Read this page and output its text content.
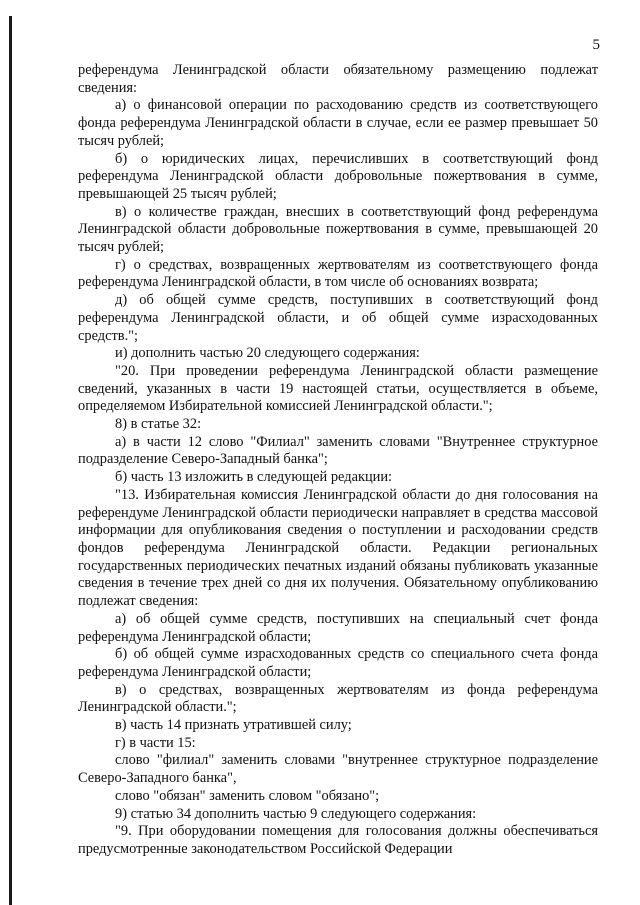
5

референдума Ленинградской области обязательному размещению подлежат сведения:

а) о финансовой операции по расходованию средств из соответствующего фонда референдума Ленинградской области в случае, если ее размер превышает 50 тысяч рублей;

б) о юридических лицах, перечисливших в соответствующий фонд референдума Ленинградской области добровольные пожертвования в сумме, превышающей 25 тысяч рублей;

в) о количестве граждан, внесших в соответствующий фонд референдума Ленинградской области добровольные пожертвования в сумме, превышающей 20 тысяч рублей;

г) о средствах, возвращенных жертвователям из соответствующего фонда референдума Ленинградской области, в том числе об основаниях возврата;

д) об общей сумме средств, поступивших в соответствующий фонд референдума Ленинградской области, и об общей сумме израсходованных средств.";

и) дополнить частью 20 следующего содержания:

"20. При проведении референдума Ленинградской области размещение сведений, указанных в части 19 настоящей статьи, осуществляется в объеме, определяемом Избирательной комиссией Ленинградской области.";

8) в статье 32:

а) в части 12 слово "Филиал" заменить словами "Внутреннее структурное подразделение Северо-Западный банка";

б) часть 13 изложить в следующей редакции:

"13. Избирательная комиссия Ленинградской области до дня голосования на референдуме Ленинградской области периодически направляет в средства массовой информации для опубликования сведения о поступлении и расходовании средств фондов референдума Ленинградской области. Редакции региональных государственных периодических печатных изданий обязаны публиковать указанные сведения в течение трех дней со дня их получения. Обязательному опубликованию подлежат сведения:

а) об общей сумме средств, поступивших на специальный счет фонда референдума Ленинградской области;

б) об общей сумме израсходованных средств со специального счета фонда референдума Ленинградской области;

в) о средствах, возвращенных жертвователям из фонда референдума Ленинградской области.";

в) часть 14 признать утратившей силу;

г) в части 15:

слово "филиал" заменить словами "внутреннее структурное подразделение Северо-Западного банка",

слово "обязан" заменить словом "обязано";

9) статью 34 дополнить частью 9 следующего содержания:

"9. При оборудовании помещения для голосования должны обеспечиваться предусмотренные законодательством Российской Федерации
